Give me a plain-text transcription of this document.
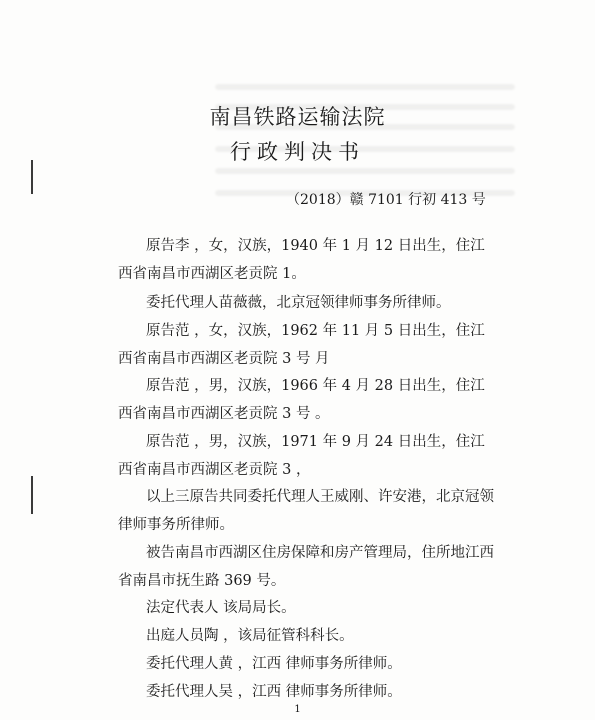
南昌铁路运输法院
行政判决书
（2018）赣 7101 行初 413 号
原告李 ，女，汉族，1940 年 1 月 12 日出生，住江
西省南昌市西湖区老贡院 1。
委托代理人苗薇薇，北京冠领律师事务所律师。
原告范 ，女，汉族，1962 年 11 月 5 日出生，住江
西省南昌市西湖区老贡院 3 号 月
原告范 ，男，汉族，1966 年 4 月 28 日出生，住江
西省南昌市西湖区老贡院 3 号 。
原告范 ，男，汉族，1971 年 9 月 24 日出生，住江
西省南昌市西湖区老贡院 3 ，
以上三原告共同委托代理人王威刚、许安港，北京冠领
律师事务所律师。
被告南昌市西湖区住房保障和房产管理局，住所地江西
省南昌市抚生路 369 号。
法定代表人 该局局长。
出庭人员陶 ，该局征管科科长。
委托代理人黄 ，江西 律师事务所律师。
委托代理人吴 ，江西 律师事务所律师。
1
